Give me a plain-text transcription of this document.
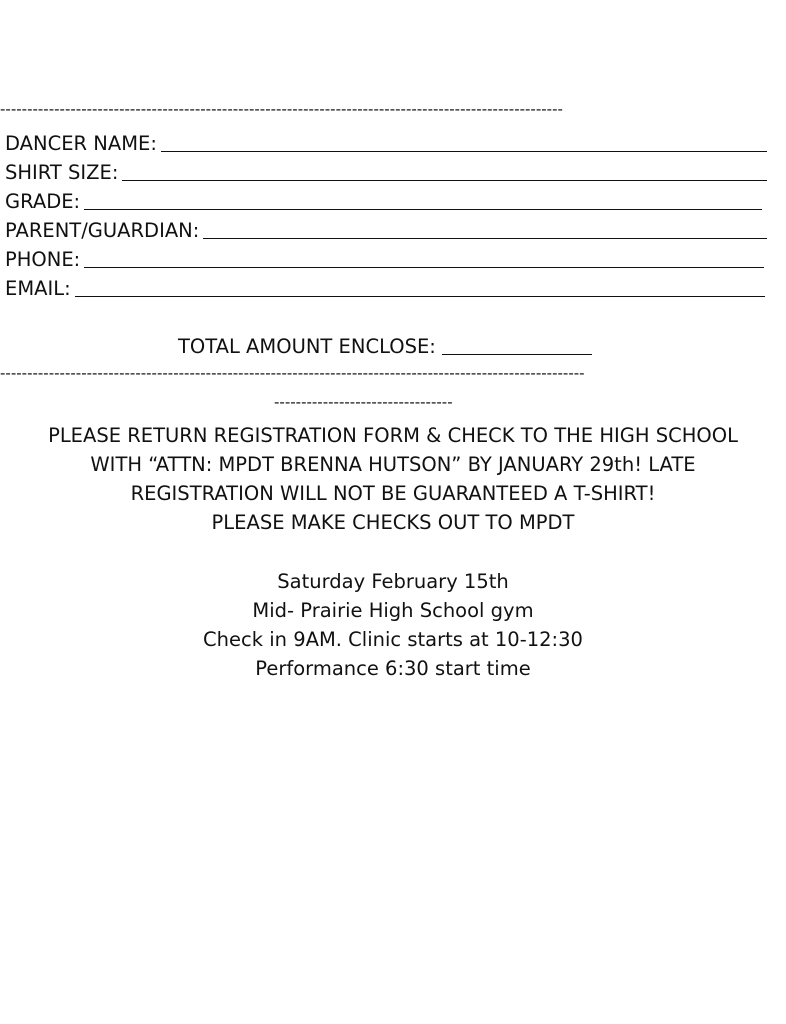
--------------------------------------------------------------------------------------------------------
DANCER NAME:
SHIRT SIZE:
GRADE:
PARENT/GUARDIAN:
PHONE:
EMAIL:
TOTAL AMOUNT ENCLOSE:
------------------------------------------------------------------------------------------------------------
---------------------------------
PLEASE RETURN REGISTRATION FORM & CHECK TO THE HIGH SCHOOL
WITH “ATTN: MPDT BRENNA HUTSON” BY JANUARY 29th! LATE
REGISTRATION WILL NOT BE GUARANTEED A T-SHIRT!
PLEASE MAKE CHECKS OUT TO MPDT
Saturday February 15th
Mid- Prairie High School gym
Check in 9AM. Clinic starts at 10-12:30
Performance 6:30 start time
